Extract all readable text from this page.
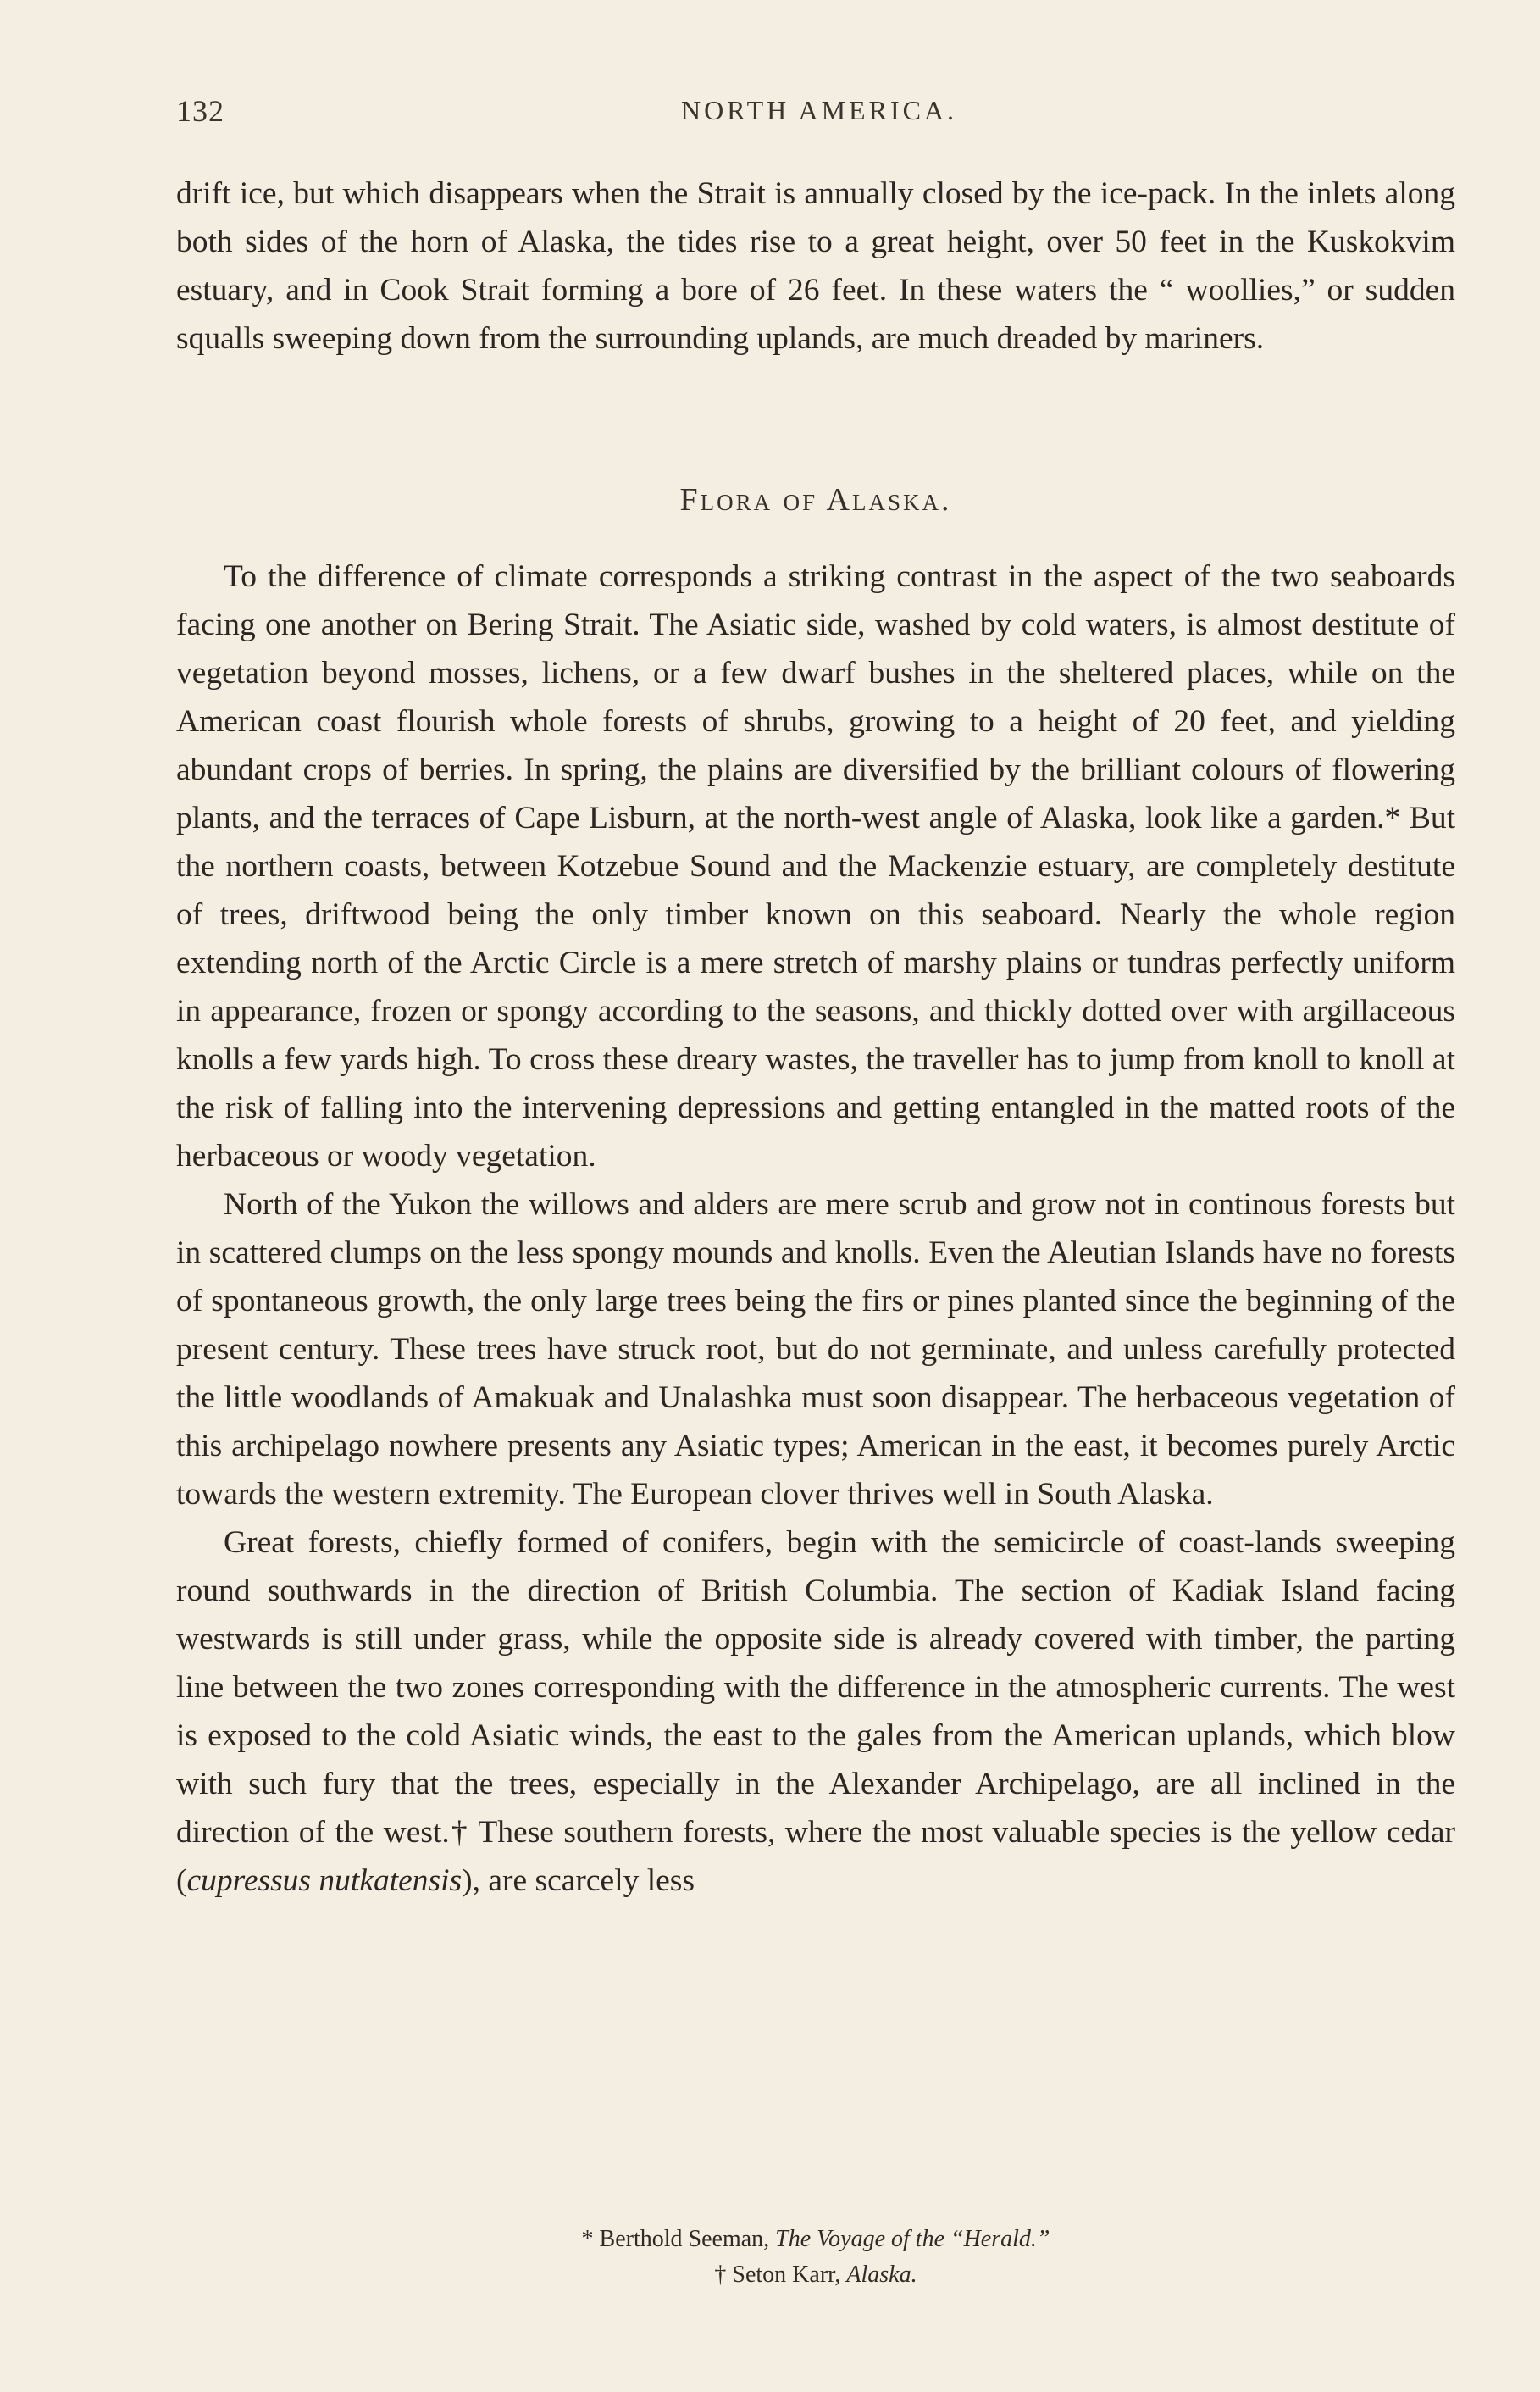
132	NORTH AMERICA.

drift ice, but which disappears when the Strait is annually closed by the ice-pack. In the inlets along both sides of the horn of Alaska, the tides rise to a great height, over 50 feet in the Kuskokvim estuary, and in Cook Strait forming a bore of 26 feet. In these waters the “ woollies,” or sudden squalls sweeping down from the surrounding uplands, are much dreaded by mariners.

Flora of Alaska.

To the difference of climate corresponds a striking contrast in the aspect of the two seaboards facing one another on Bering Strait. The Asiatic side, washed by cold waters, is almost destitute of vegetation beyond mosses, lichens, or a few dwarf bushes in the sheltered places, while on the American coast flourish whole forests of shrubs, growing to a height of 20 feet, and yielding abundant crops of berries. In spring, the plains are diversified by the brilliant colours of flowering plants, and the terraces of Cape Lisburn, at the north-west angle of Alaska, look like a garden.* But the northern coasts, between Kotzebue Sound and the Mackenzie estuary, are completely destitute of trees, driftwood being the only timber known on this seaboard. Nearly the whole region extending north of the Arctic Circle is a mere stretch of marshy plains or tundras perfectly uniform in appearance, frozen or spongy according to the seasons, and thickly dotted over with argillaceous knolls a few yards high. To cross these dreary wastes, the traveller has to jump from knoll to knoll at the risk of falling into the intervening depressions and getting entangled in the matted roots of the herbaceous or woody vegetation.

North of the Yukon the willows and alders are mere scrub and grow not in continous forests but in scattered clumps on the less spongy mounds and knolls. Even the Aleutian Islands have no forests of spontaneous growth, the only large trees being the firs or pines planted since the beginning of the present century. These trees have struck root, but do not germinate, and unless carefully protected the little woodlands of Amakuak and Unalashka must soon disappear. The herbaceous vegetation of this archipelago nowhere presents any Asiatic types; American in the east, it becomes purely Arctic towards the western extremity. The European clover thrives well in South Alaska.

Great forests, chiefly formed of conifers, begin with the semicircle of coast-lands sweeping round southwards in the direction of British Columbia. The section of Kadiak Island facing westwards is still under grass, while the opposite side is already covered with timber, the parting line between the two zones corresponding with the difference in the atmospheric currents. The west is exposed to the cold Asiatic winds, the east to the gales from the American uplands, which blow with such fury that the trees, especially in the Alexander Archipelago, are all inclined in the direction of the west.† These southern forests, where the most valuable species is the yellow cedar (cupressus nutkatensis), are scarcely less

* Berthold Seeman, The Voyage of the “Herald.”
† Seton Karr, Alaska.
